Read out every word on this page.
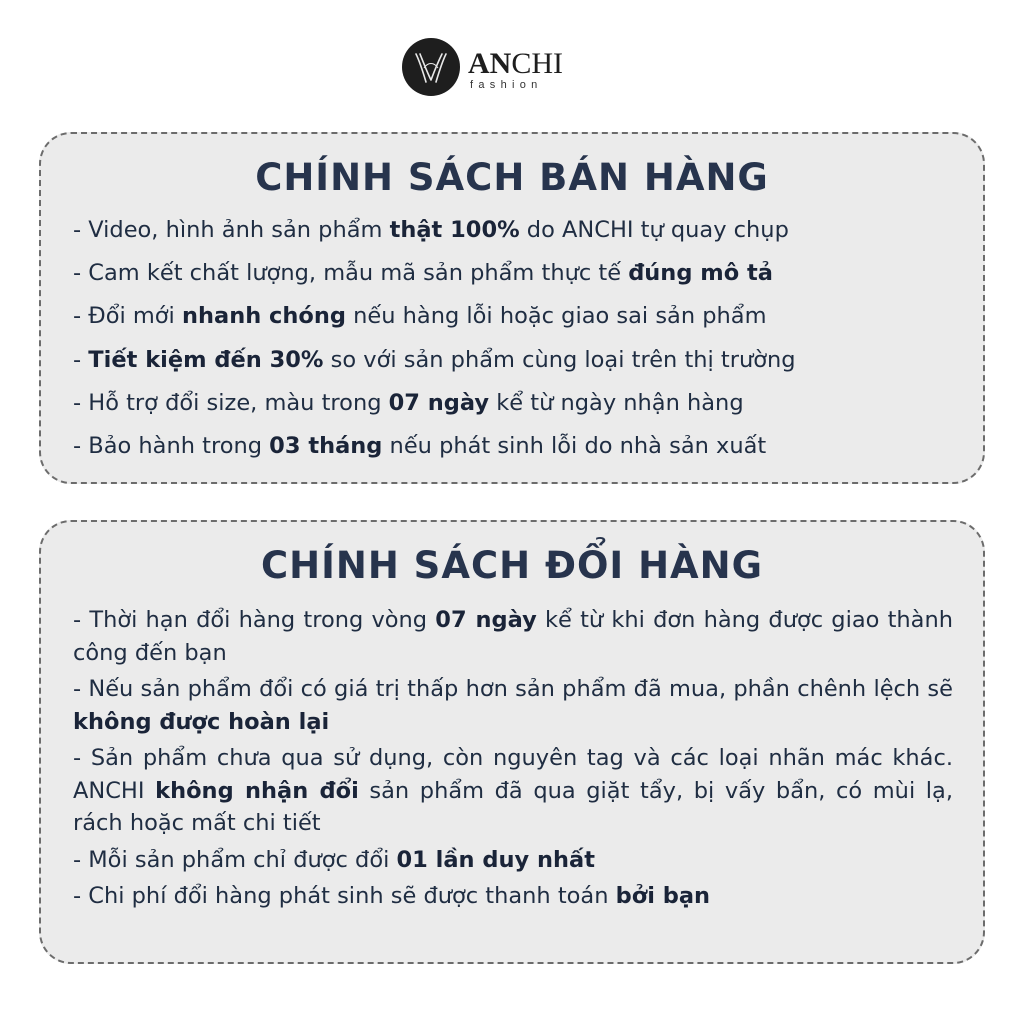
ANCHI
fashion
CHÍNH SÁCH BÁN HÀNG
- Video, hình ảnh sản phẩm thật 100% do ANCHI tự quay chụp
- Cam kết chất lượng, mẫu mã sản phẩm thực tế đúng mô tả
- Đổi mới nhanh chóng nếu hàng lỗi hoặc giao sai sản phẩm
- Tiết kiệm đến 30% so với sản phẩm cùng loại trên thị trường
- Hỗ trợ đổi size, màu trong 07 ngày kể từ ngày nhận hàng
- Bảo hành trong 03 tháng nếu phát sinh lỗi do nhà sản xuất
CHÍNH SÁCH ĐỔI HÀNG
- Thời hạn đổi hàng trong vòng 07 ngày kể từ khi đơn hàng được giao thành công đến bạn
- Nếu sản phẩm đổi có giá trị thấp hơn sản phẩm đã mua, phần chênh lệch sẽ không được hoàn lại
- Sản phẩm chưa qua sử dụng, còn nguyên tag và các loại nhãn mác khác. ANCHI không nhận đổi sản phẩm đã qua giặt tẩy, bị vấy bẩn, có mùi lạ, rách hoặc mất chi tiết
- Mỗi sản phẩm chỉ được đổi 01 lần duy nhất
- Chi phí đổi hàng phát sinh sẽ được thanh toán bởi bạn
